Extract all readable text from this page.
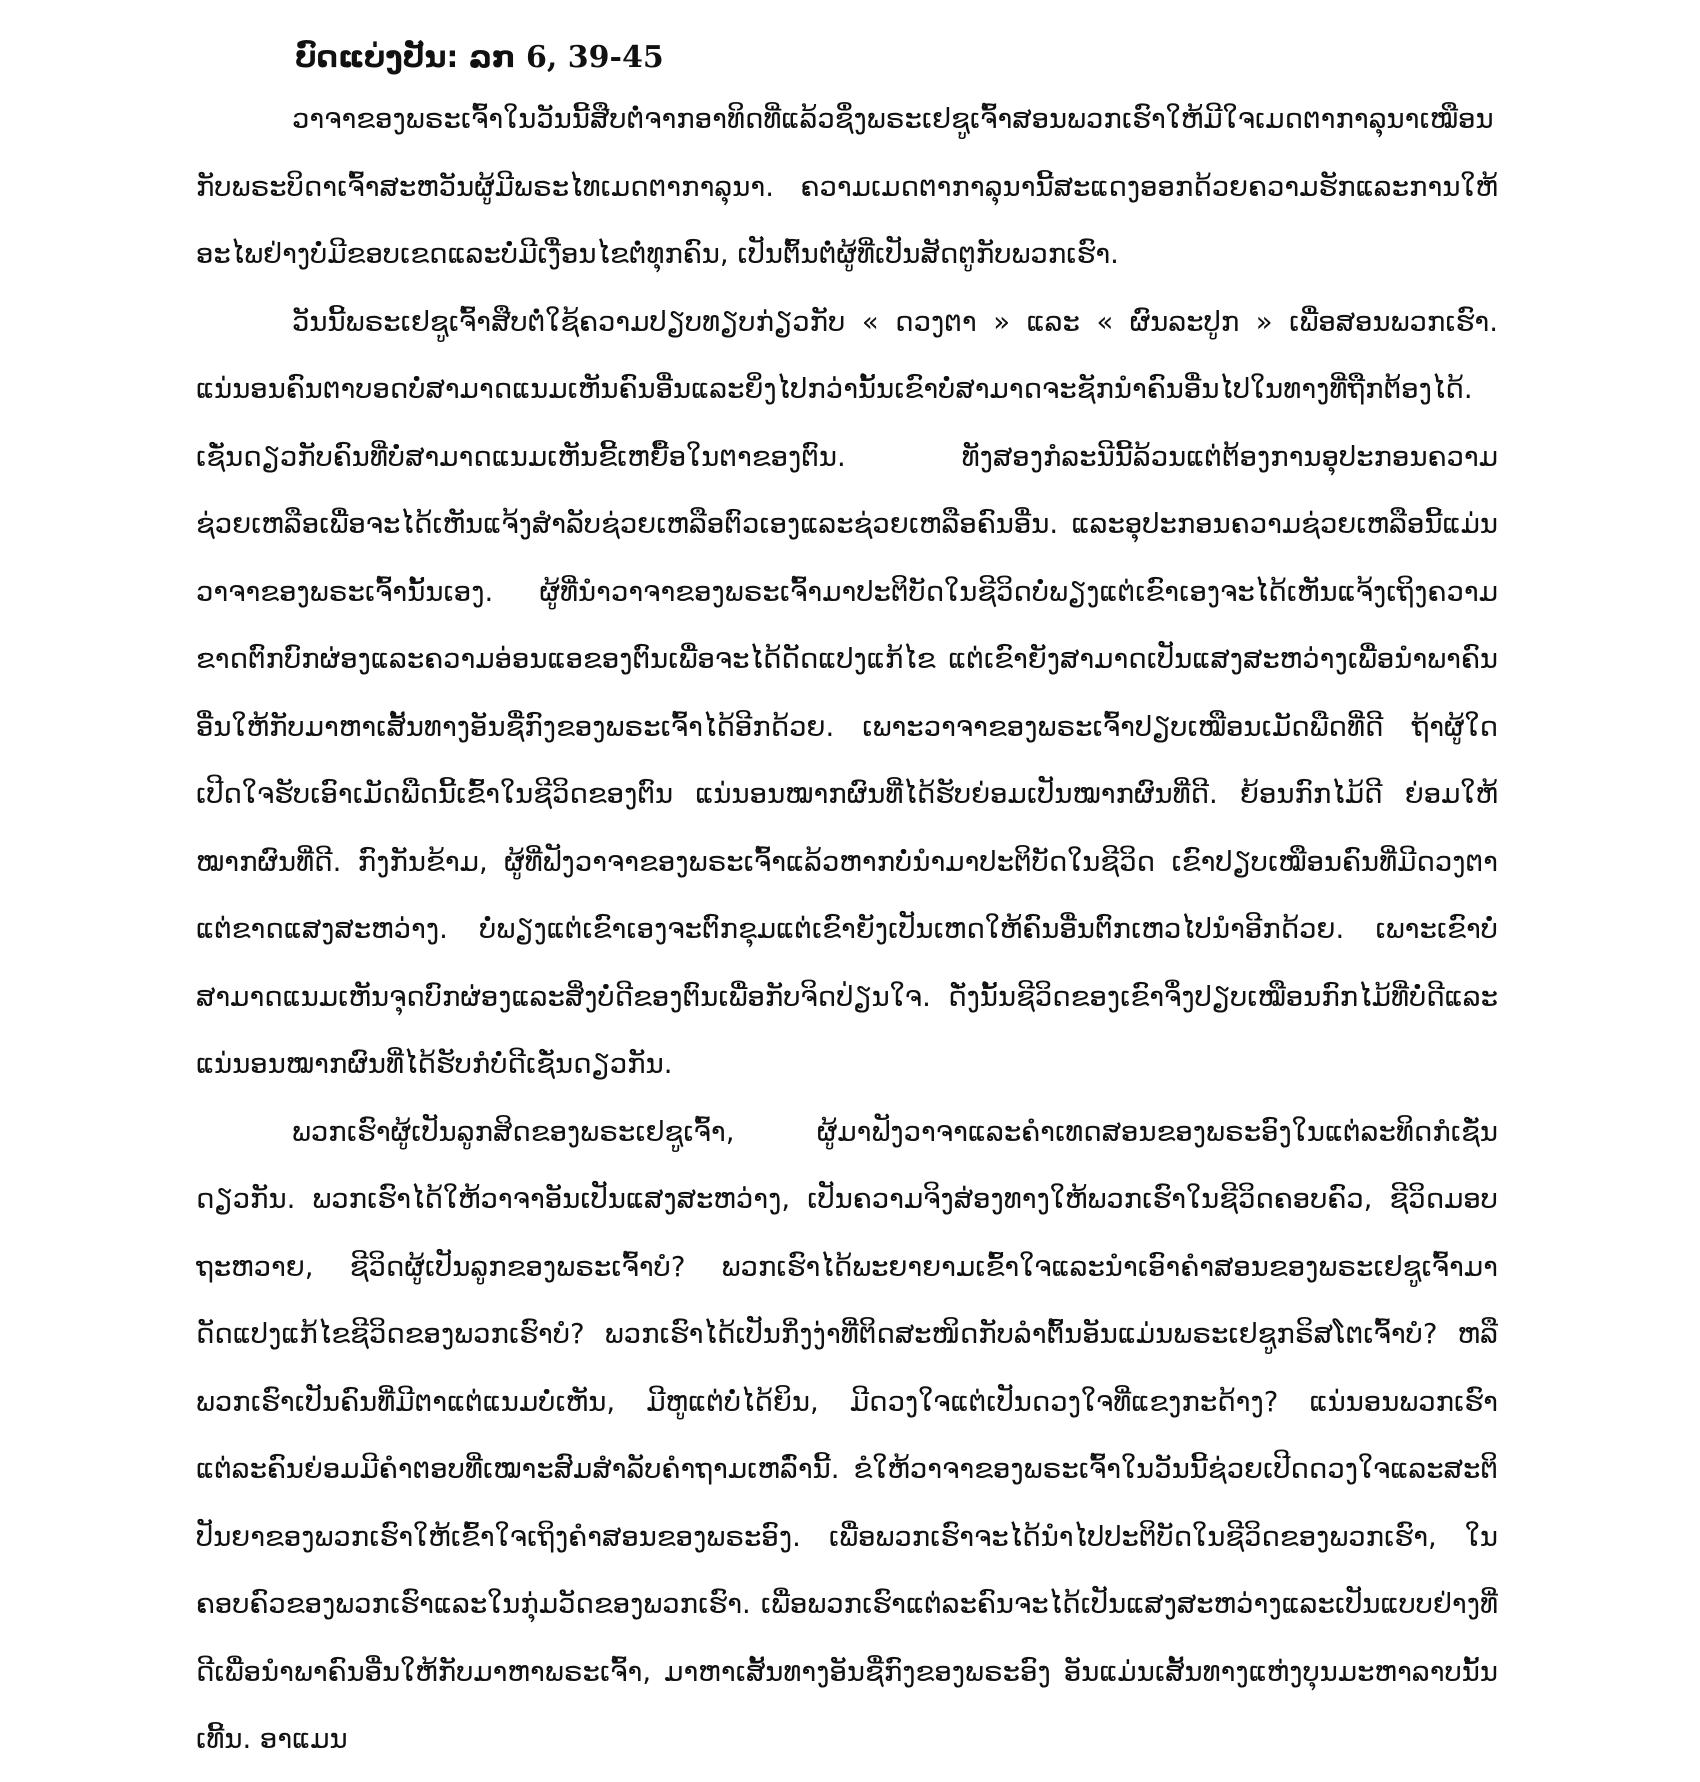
ບົດແບ່ງປັນ: ລກ 6, 39-45

ວາຈາຂອງພຣະເຈົ້າໃນວັນນີ້ສືບຕໍ່ຈາກອາທິດທີ່ແລ້ວຊຶ່ງພຣະເຢຊູເຈົ້າສອນພວກເຮົາໃຫ້ມີໃຈເມດຕາກາລຸນາເໝືອນກັບພຣະບິດາເຈົ້າສະຫວັນຜູ້ມີພຣະໄທເມດຕາກາລຸນາ. ຄວາມເມດຕາກາລຸນານີ້ສະແດງອອກດ້ວຍຄວາມຮັກແລະການໃຫ້ອະໄພຢ່າງບໍ່ມີຂອບເຂດແລະບໍ່ມີເງື່ອນໄຂຕໍ່ທຸກຄົນ, ເປັນຕົ້ນຕໍ່ຜູ້ທີ່ເປັນສັດຕູກັບພວກເຮົາ.

ວັນນີ້ພຣະເຢຊູເຈົ້າສືບຕໍ່ໃຊ້ຄວາມປຽບທຽບກ່ຽວກັບ « ດວງຕາ » ແລະ « ຜົນລະປູກ » ເພື່ອສອນພວກເຮົາ. ແນ່ນອນຄົນຕາບອດບໍ່ສາມາດແນມເຫັນຄົນອື່ນແລະຍິ່ງໄປກວ່ານັ້ນເຂົາບໍ່ສາມາດຈະຊັກນໍາຄົນອື່ນໄປໃນທາງທີ່ຖືກຕ້ອງໄດ້. ເຊັ່ນດຽວກັບຄົນທີ່ບໍ່ສາມາດແນມເຫັນຂີ້ເຫຍື້ອໃນຕາຂອງຕົນ. ທັງສອງກໍລະນີນີ້ລ້ວນແຕ່ຕ້ອງການອຸປະກອນຄວາມຊ່ວຍເຫລືອເພື່ອຈະໄດ້ເຫັນແຈ້ງສໍາລັບຊ່ວຍເຫລືອຕົວເອງແລະຊ່ວຍເຫລືອຄົນອື່ນ. ແລະອຸປະກອນຄວາມຊ່ວຍເຫລືອນີ້ແມ່ນວາຈາຂອງພຣະເຈົ້ານັ້ນເອງ. ຜູ້ທີ່ນໍາວາຈາຂອງພຣະເຈົ້າມາປະຕິບັດໃນຊີວິດບໍ່ພຽງແຕ່ເຂົາເອງຈະໄດ້ເຫັນແຈ້ງເຖິງຄວາມຂາດຕົກບົກຜ່ອງແລະຄວາມອ່ອນແອຂອງຕົນເພື່ອຈະໄດ້ດັດແປງແກ້ໄຂ ແຕ່ເຂົາຍັງສາມາດເປັນແສງສະຫວ່າງເພື່ອນໍາພາຄົນອື່ນໃຫ້ກັບມາຫາເສັ້ນທາງອັນຊື່ກົງຂອງພຣະເຈົ້າໄດ້ອີກດ້ວຍ. ເພາະວາຈາຂອງພຣະເຈົ້າປຽບເໝືອນເມັດພືດທີ່ດີ ຖ້າຜູ້ໃດເປີດໃຈຮັບເອົາເມັດພືດນີ້ເຂົ້າໃນຊີວິດຂອງຕົນ ແນ່ນອນໝາກຜົນທີ່ໄດ້ຮັບຍ່ອມເປັນໝາກຜົນທີ່ດີ. ຍ້ອນກົກໄມ້ດີ ຍ່ອມໃຫ້ໝາກຜົນທີ່ດີ. ກົງກັນຂ້າມ, ຜູ້ທີ່ຟັງວາຈາຂອງພຣະເຈົ້າແລ້ວຫາກບໍ່ນໍາມາປະຕິບັດໃນຊີວິດ ເຂົາປຽບເໝືອນຄົນທີ່ມີດວງຕາແຕ່ຂາດແສງສະຫວ່າງ. ບໍ່ພຽງແຕ່ເຂົາເອງຈະຕົກຂຸມແຕ່ເຂົາຍັງເປັນເຫດໃຫ້ຄົນອື່ນຕົກເຫວໄປນໍາອີກດ້ວຍ. ເພາະເຂົາບໍ່ສາມາດແນມເຫັນຈຸດບົກຜ່ອງແລະສິ່ງບໍ່ດີຂອງຕົນເພື່ອກັບຈິດປ່ຽນໃຈ. ດັ່ງນັ້ນຊີວິດຂອງເຂົາຈຶ່ງປຽບເໝືອນກົກໄມ້ທີ່ບໍ່ດີແລະແນ່ນອນໝາກຜົນທີ່ໄດ້ຮັບກໍບໍ່ດີເຊັ່ນດຽວກັນ.

ພວກເຮົາຜູ້ເປັນລູກສິດຂອງພຣະເຢຊູເຈົ້າ, ຜູ້ມາຟັງວາຈາແລະຄໍາເທດສອນຂອງພຣະອົງໃນແຕ່ລະທິດກໍເຊັ່ນດຽວກັນ. ພວກເຮົາໄດ້ໃຫ້ວາຈາອັນເປັນແສງສະຫວ່າງ, ເປັນຄວາມຈິງສ່ອງທາງໃຫ້ພວກເຮົາໃນຊີວິດຄອບຄົວ, ຊີວິດມອບຖະຫວາຍ, ຊີວິດຜູ້ເປັນລູກຂອງພຣະເຈົ້າບໍ? ພວກເຮົາໄດ້ພະຍາຍາມເຂົ້າໃຈແລະນໍາເອົາຄໍາສອນຂອງພຣະເຢຊູເຈົ້າມາດັດແປງແກ້ໄຂຊີວິດຂອງພວກເຮົາບໍ? ພວກເຮົາໄດ້ເປັນກິ່ງງ່າທີ່ຕິດສະໜິດກັບລໍາຕົ້ນອັນແມ່ນພຣະເຢຊູກຣິສໂຕເຈົ້າບໍ? ຫລືພວກເຮົາເປັນຄົນທີ່ມີຕາແຕ່ແນມບໍ່ເຫັນ, ມີຫູແຕ່ບໍ່ໄດ້ຍິນ, ມີດວງໃຈແຕ່ເປັນດວງໃຈທີ່ແຂງກະດ້າງ? ແນ່ນອນພວກເຮົາແຕ່ລະຄົນຍ່ອມມີຄໍາຕອບທີ່ເໝາະສົມສໍາລັບຄໍາຖາມເຫລົ່ານີ້. ຂໍໃຫ້ວາຈາຂອງພຣະເຈົ້າໃນວັນນີ້ຊ່ວຍເປີດດວງໃຈແລະສະຕິປັນຍາຂອງພວກເຮົາໃຫ້ເຂົ້າໃຈເຖິງຄໍາສອນຂອງພຣະອົງ. ເພື່ອພວກເຮົາຈະໄດ້ນໍາໄປປະຕິບັດໃນຊີວິດຂອງພວກເຮົາ, ໃນຄອບຄົວຂອງພວກເຮົາແລະໃນກຸ່ມວັດຂອງພວກເຮົາ. ເພື່ອພວກເຮົາແຕ່ລະຄົນຈະໄດ້ເປັນແສງສະຫວ່າງແລະເປັນແບບຢ່າງທີ່ດີເພື່ອນໍາພາຄົນອື່ນໃຫ້ກັບມາຫາພຣະເຈົ້າ, ມາຫາເສັ້ນທາງອັນຊື່ກົງຂອງພຣະອົງ ອັນແມ່ນເສັ້ນທາງແຫ່ງບຸນມະຫາລາບນັ້ນເທີ້ນ. ອາແມນ
